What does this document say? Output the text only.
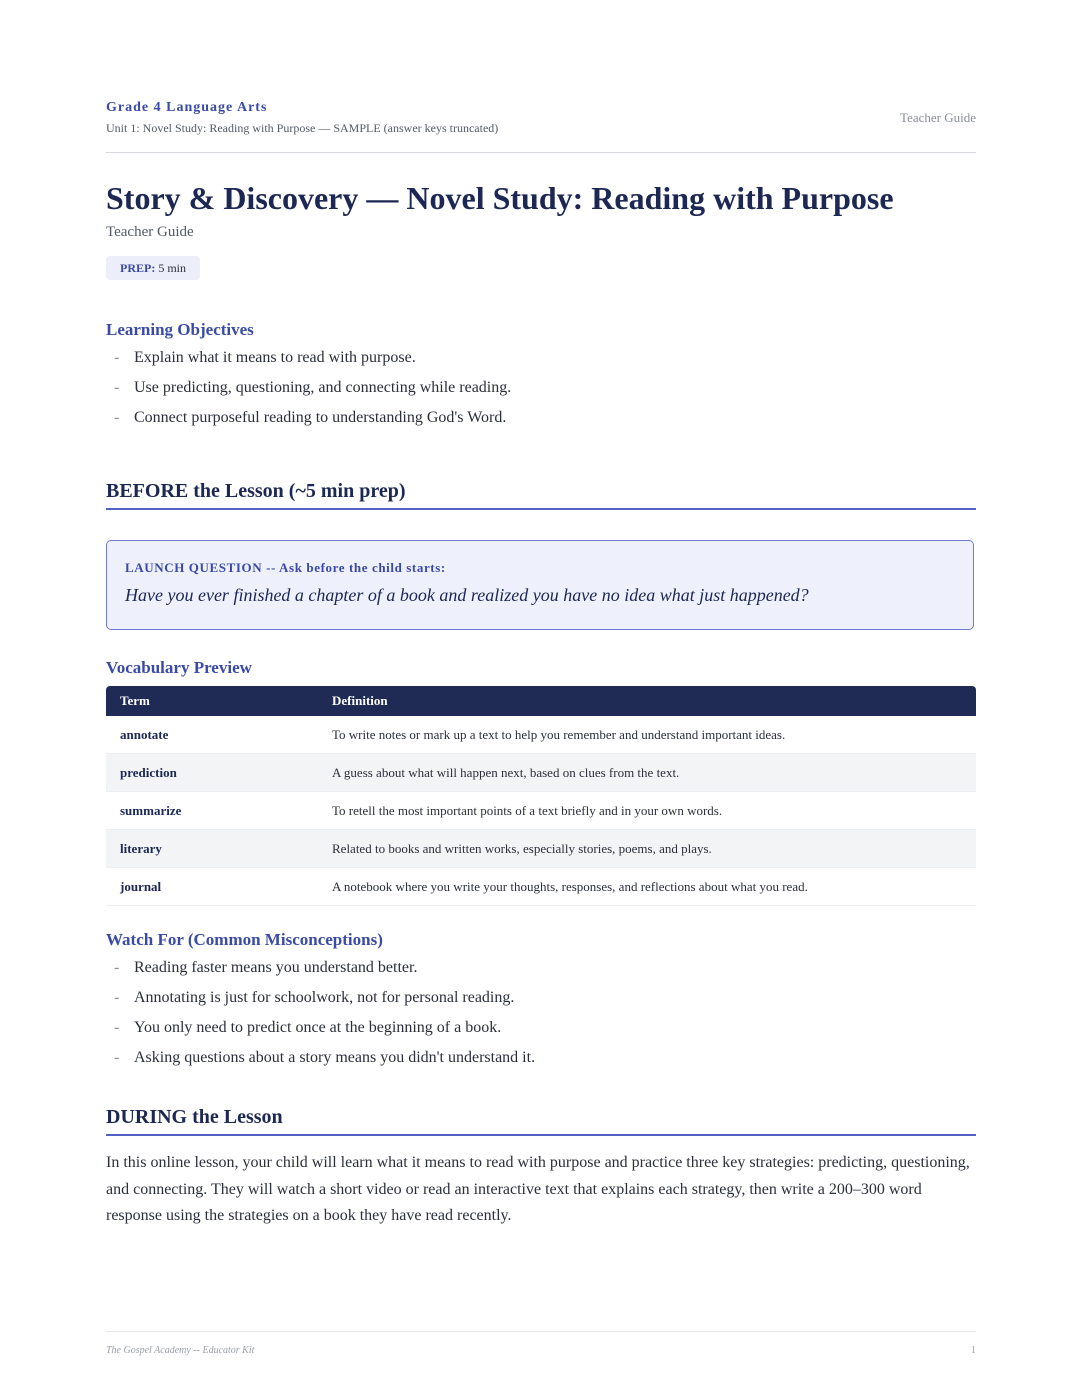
Grade 4 Language Arts
Unit 1: Novel Study: Reading with Purpose — SAMPLE (answer keys truncated)
Teacher Guide
Story & Discovery — Novel Study: Reading with Purpose
Teacher Guide
PREP: 5 min
Learning Objectives
- Explain what it means to read with purpose.
- Use predicting, questioning, and connecting while reading.
- Connect purposeful reading to understanding God's Word.
BEFORE the Lesson (~5 min prep)
LAUNCH QUESTION -- Ask before the child starts:
Have you ever finished a chapter of a book and realized you have no idea what just happened?
Vocabulary Preview
Term	Definition
annotate	To write notes or mark up a text to help you remember and understand important ideas.
prediction	A guess about what will happen next, based on clues from the text.
summarize	To retell the most important points of a text briefly and in your own words.
literary	Related to books and written works, especially stories, poems, and plays.
journal	A notebook where you write your thoughts, responses, and reflections about what you read.
Watch For (Common Misconceptions)
- Reading faster means you understand better.
- Annotating is just for schoolwork, not for personal reading.
- You only need to predict once at the beginning of a book.
- Asking questions about a story means you didn't understand it.
DURING the Lesson

In this online lesson, your child will learn what it means to read with purpose and practice three key strategies: predicting, questioning, and connecting. They will watch a short video or read an interactive text that explains each strategy, then write a 200–300 word response using the strategies on a book they have read recently.

The Gospel Academy -- Educator Kit	1
